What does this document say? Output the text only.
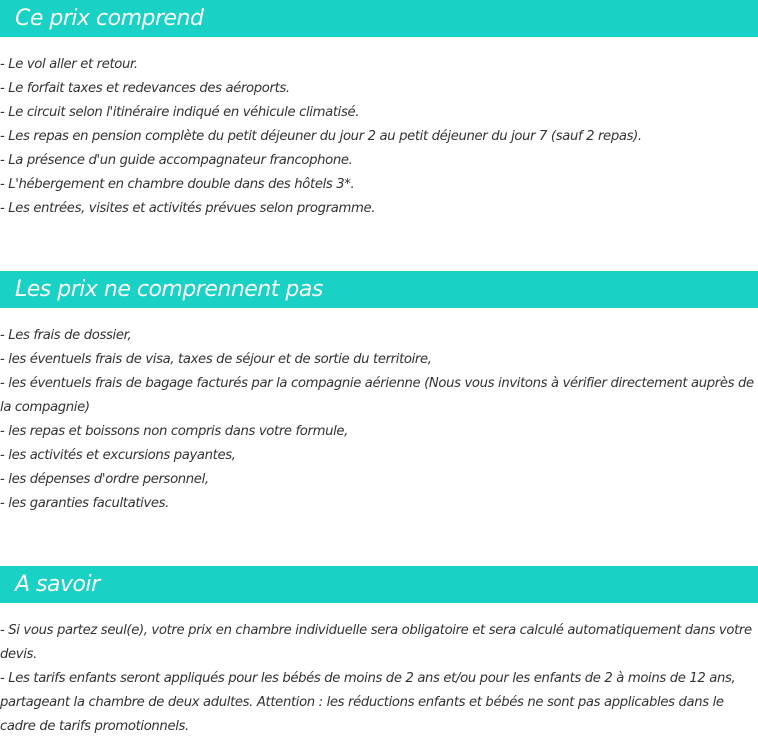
Ce prix comprend

- Le vol aller et retour.

- Le forfait taxes et redevances des aéroports.

- Le circuit selon l'itinéraire indiqué en véhicule climatisé.

- Les repas en pension complète du petit déjeuner du jour 2 au petit déjeuner du jour 7 (sauf 2 repas).

- La présence d'un guide accompagnateur francophone.

- L'hébergement en chambre double dans des hôtels 3*.

- Les entrées, visites et activités prévues selon programme.

Les prix ne comprennent pas

- Les frais de dossier,

- les éventuels frais de visa, taxes de séjour et de sortie du territoire,

- les éventuels frais de bagage facturés par la compagnie aérienne (Nous vous invitons à vérifier directement auprès de la compagnie)

- les repas et boissons non compris dans votre formule,

- les activités et excursions payantes,

- les dépenses d'ordre personnel,

- les garanties facultatives.

A savoir

- Si vous partez seul(e), votre prix en chambre individuelle sera obligatoire et sera calculé automatiquement dans votre devis.

- Les tarifs enfants seront appliqués pour les bébés de moins de 2 ans et/ou pour les enfants de 2 à moins de 12 ans, partageant la chambre de deux adultes. Attention : les réductions enfants et bébés ne sont pas applicables dans le cadre de tarifs promotionnels.
